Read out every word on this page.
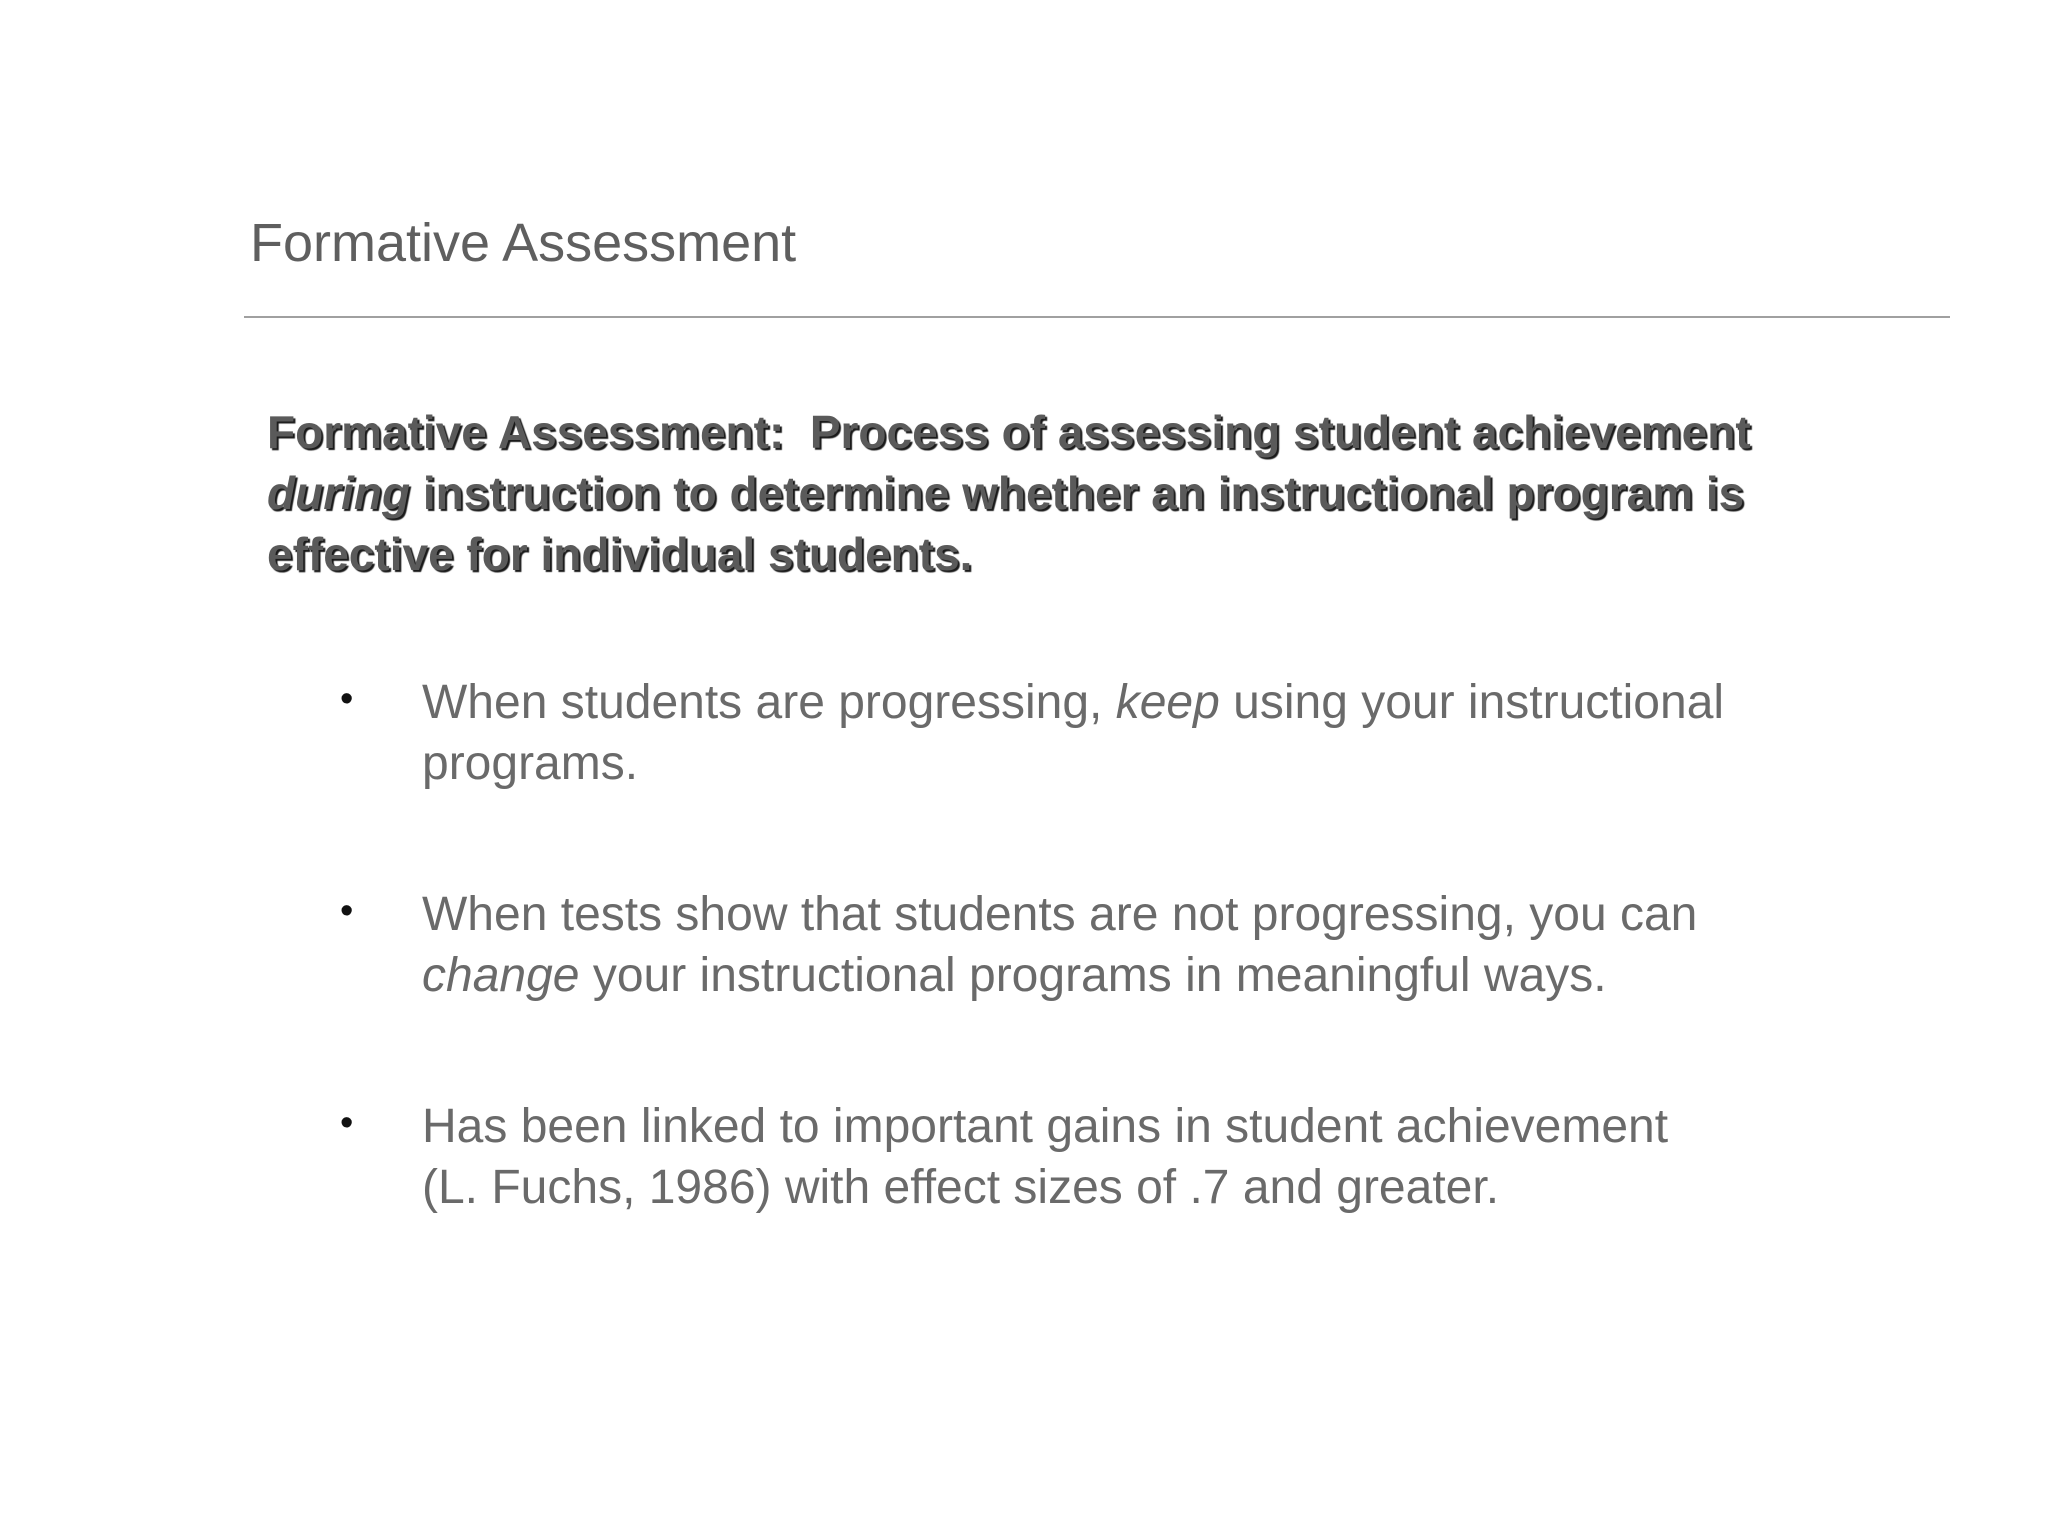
Formative Assessment
Formative Assessment:  Process of assessing student achievement
during instruction to determine whether an instructional program is
effective for individual students.
• When students are progressing, keep using your instructional
programs.
• When tests show that students are not progressing, you can
change your instructional programs in meaningful ways.
• Has been linked to important gains in student achievement
(L. Fuchs, 1986) with effect sizes of .7 and greater.
